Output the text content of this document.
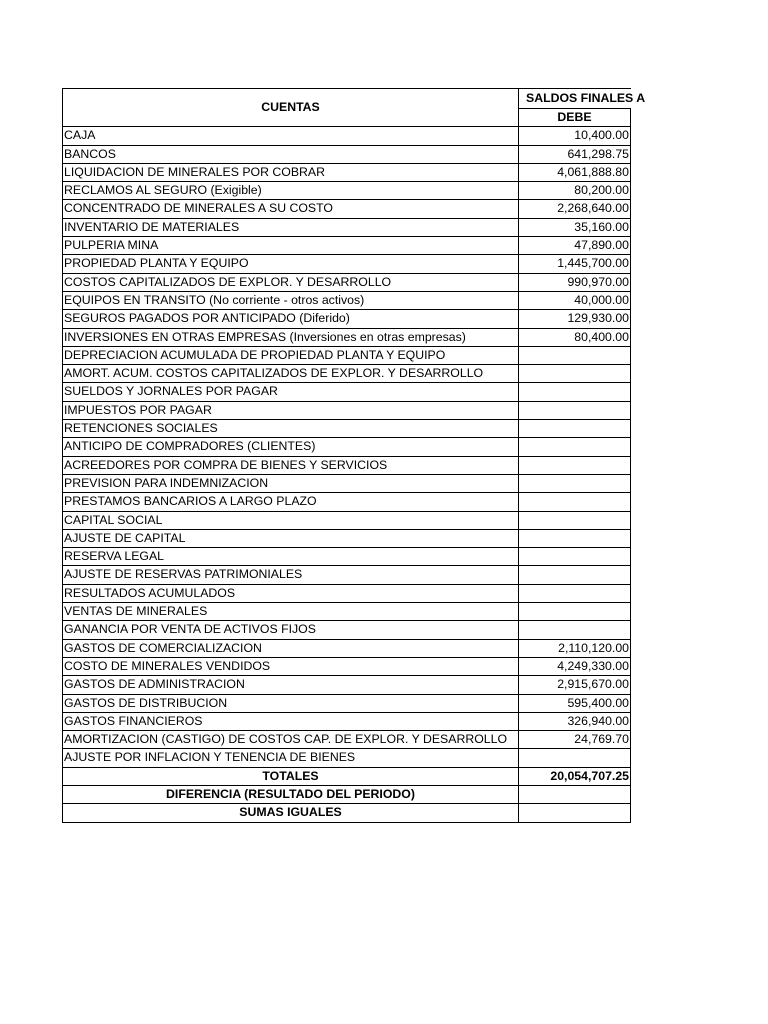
CUENTAS	SALDOS FINALES A
	DEBE
CAJA	10,400.00
BANCOS	641,298.75
LIQUIDACION DE MINERALES POR COBRAR	4,061,888.80
RECLAMOS AL SEGURO (Exigible)	80,200.00
CONCENTRADO DE MINERALES A SU COSTO	2,268,640.00
INVENTARIO DE MATERIALES	35,160.00
PULPERIA MINA	47,890.00
PROPIEDAD PLANTA Y EQUIPO	1,445,700.00
COSTOS CAPITALIZADOS DE EXPLOR. Y DESARROLLO	990,970.00
EQUIPOS EN TRANSITO (No corriente - otros activos)	40,000.00
SEGUROS PAGADOS POR ANTICIPADO (Diferido)	129,930.00
INVERSIONES EN OTRAS EMPRESAS (Inversiones en otras empresas)	80,400.00
DEPRECIACION ACUMULADA DE PROPIEDAD PLANTA Y EQUIPO	
AMORT. ACUM. COSTOS CAPITALIZADOS DE EXPLOR. Y DESARROLLO	
SUELDOS Y JORNALES POR PAGAR	
IMPUESTOS POR PAGAR	
RETENCIONES SOCIALES	
ANTICIPO DE COMPRADORES (CLIENTES)	
ACREEDORES POR COMPRA DE BIENES Y SERVICIOS	
PREVISION PARA INDEMNIZACION	
PRESTAMOS BANCARIOS A LARGO PLAZO	
CAPITAL SOCIAL	
AJUSTE DE CAPITAL	
RESERVA LEGAL	
AJUSTE DE RESERVAS PATRIMONIALES	
RESULTADOS ACUMULADOS	
VENTAS DE MINERALES	
GANANCIA POR VENTA DE ACTIVOS FIJOS	
GASTOS DE COMERCIALIZACION	2,110,120.00
COSTO DE MINERALES VENDIDOS	4,249,330.00
GASTOS DE ADMINISTRACION	2,915,670.00
GASTOS DE DISTRIBUCION	595,400.00
GASTOS FINANCIEROS	326,940.00
AMORTIZACION (CASTIGO) DE COSTOS CAP. DE EXPLOR. Y DESARROLLO	24,769.70
AJUSTE POR INFLACION Y TENENCIA DE BIENES	
TOTALES	20,054,707.25
DIFERENCIA (RESULTADO DEL PERIODO)	
SUMAS IGUALES	
